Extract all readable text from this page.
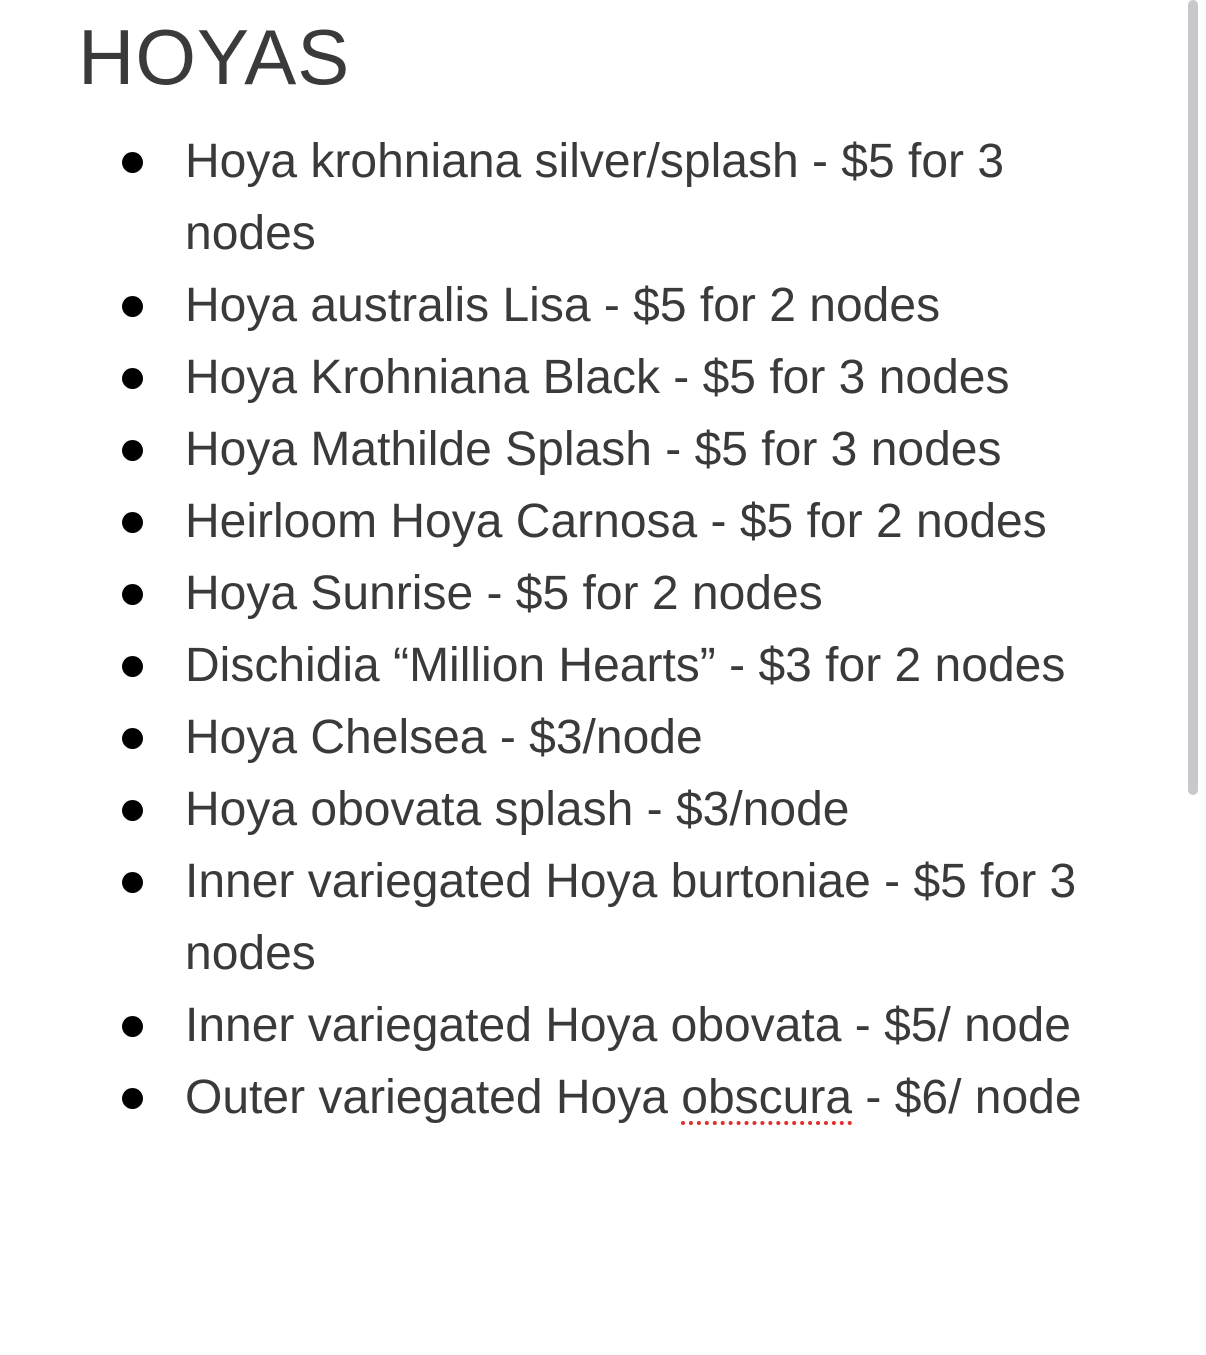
HOYAS
Hoya krohniana silver/splash - $5 for 3 nodes
Hoya australis Lisa - $5 for 2 nodes
Hoya Krohniana Black - $5 for 3 nodes
Hoya Mathilde Splash - $5 for 3 nodes
Heirloom Hoya Carnosa - $5 for 2 nodes
Hoya Sunrise - $5 for 2 nodes
Dischidia “Million Hearts” - $3 for 2 nodes
Hoya Chelsea - $3/node
Hoya obovata splash - $3/node
Inner variegated Hoya burtoniae - $5 for 3 nodes
Inner variegated Hoya obovata - $5/ node
Outer variegated Hoya obscura - $6/ node
